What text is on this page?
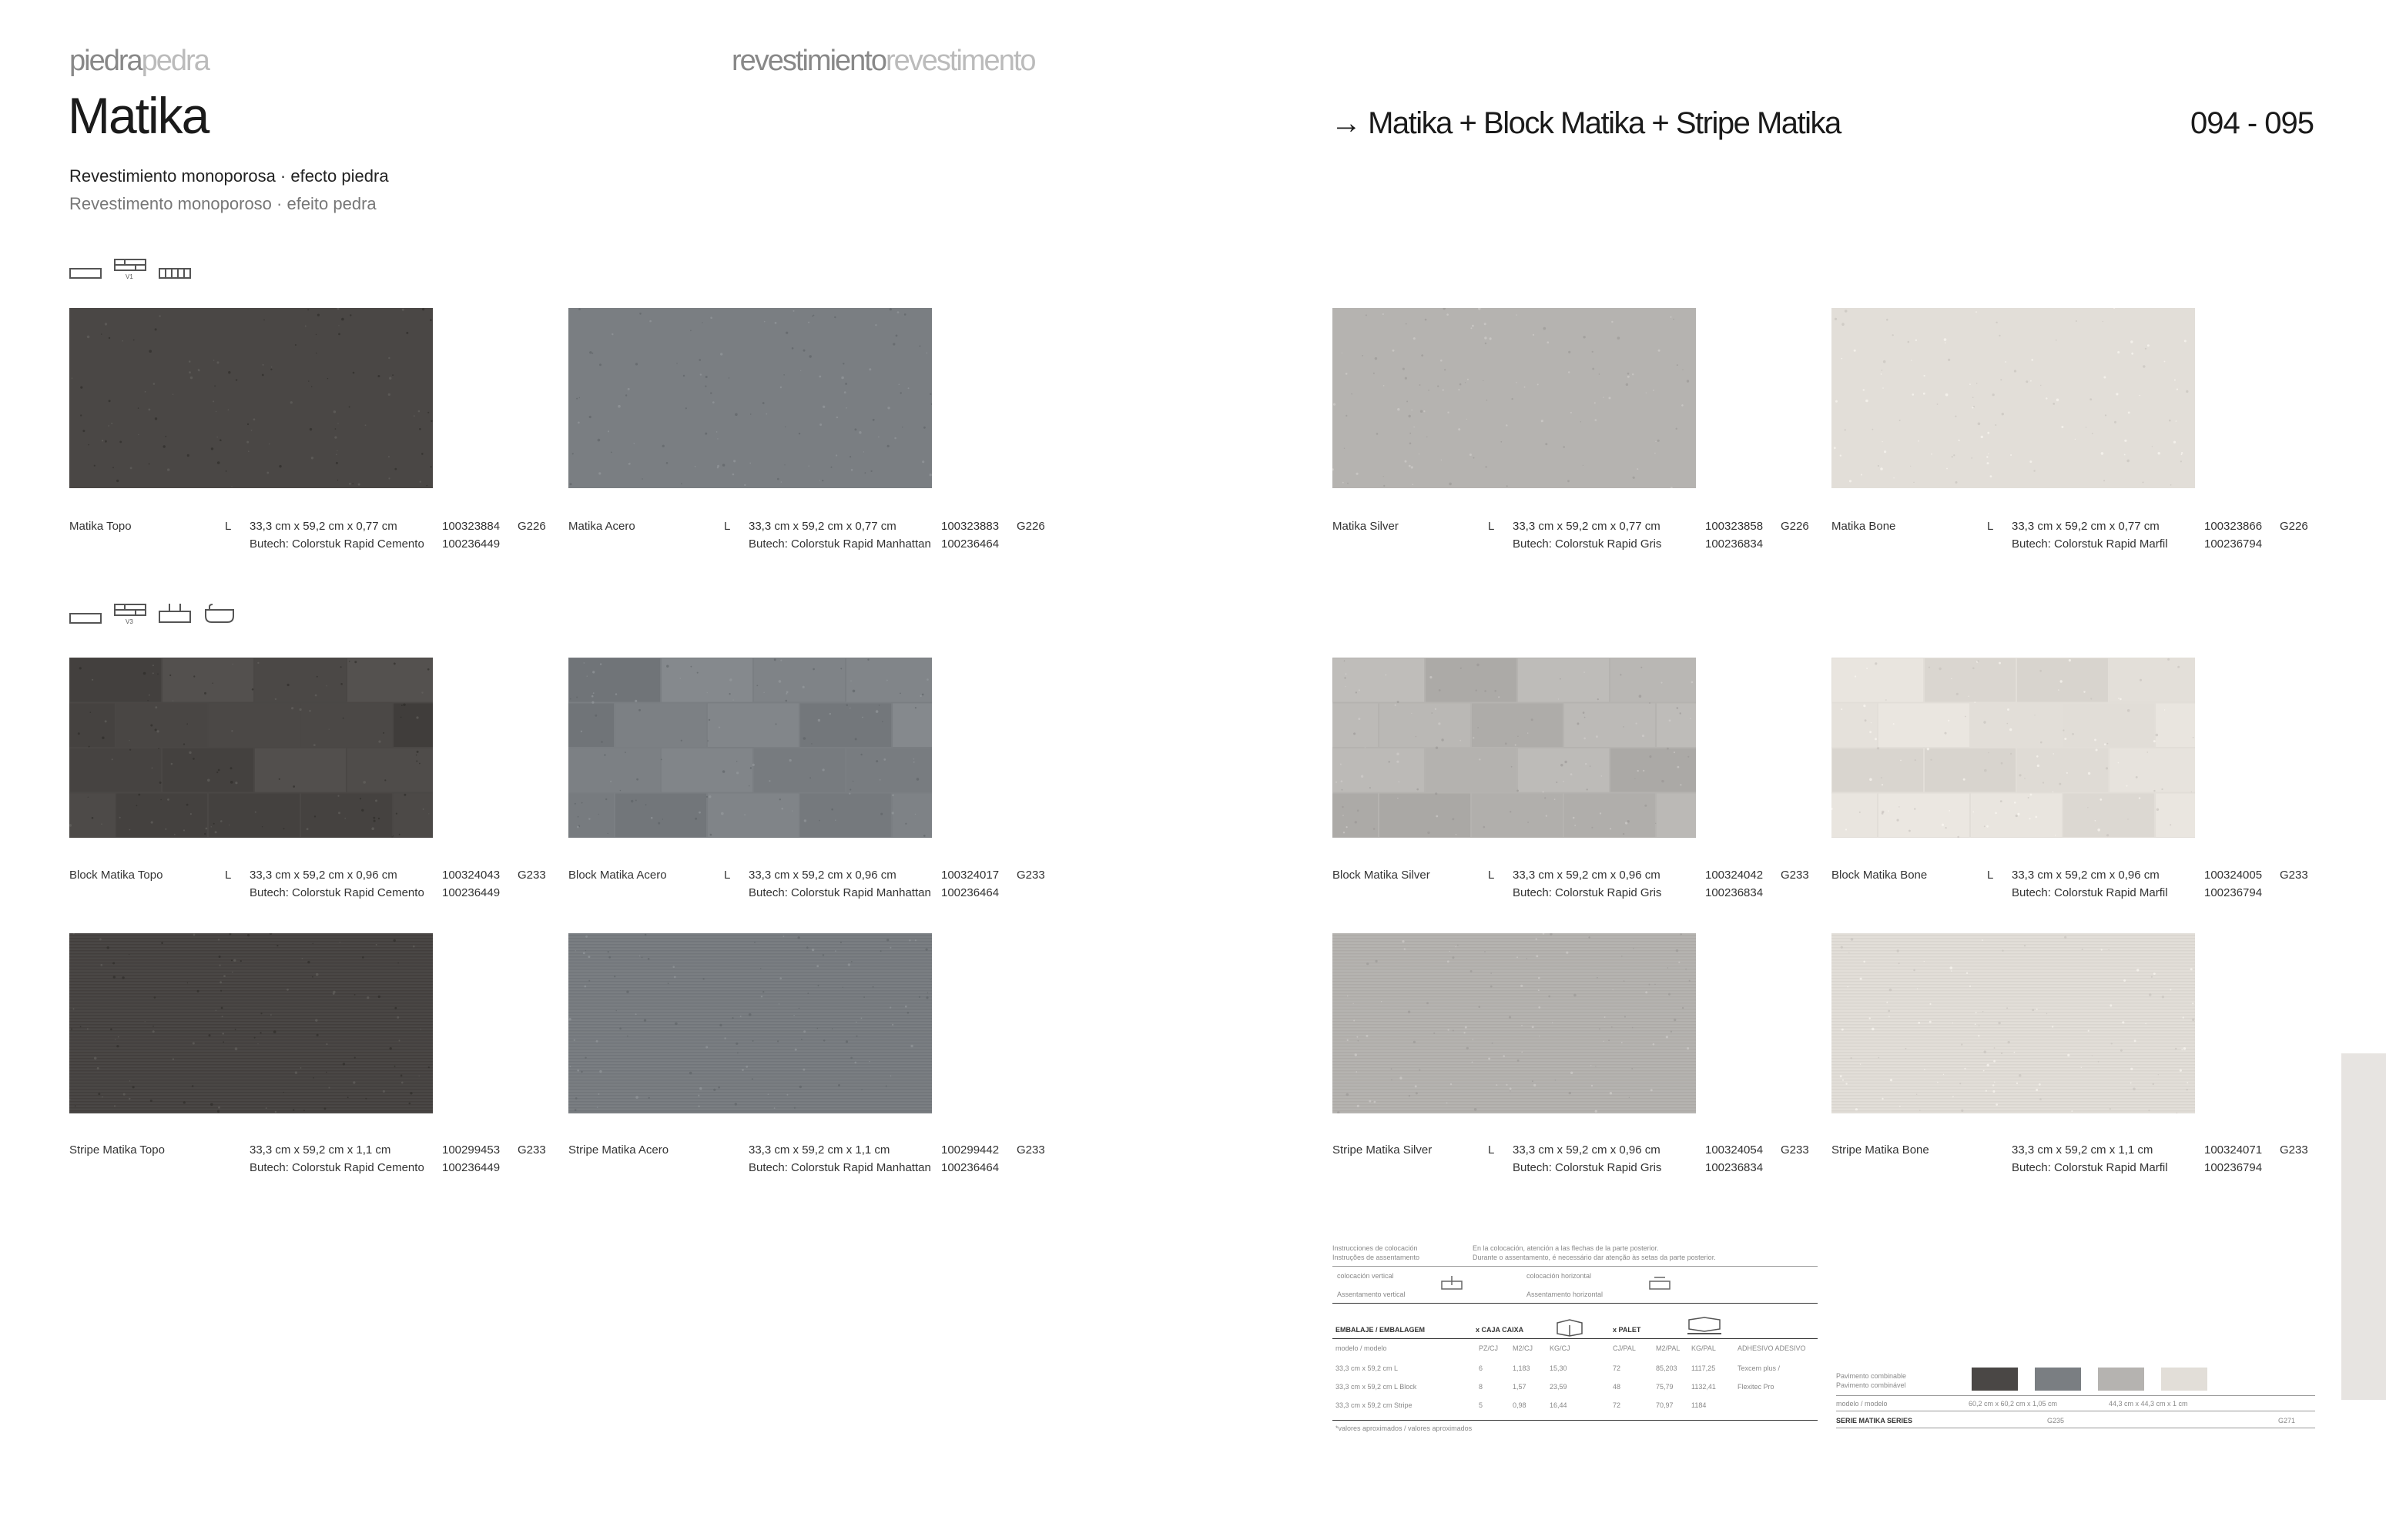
piedrapedra	revestimientorevestimento
Matika
Revestimiento monoporosa · efecto piedra
Revestimento monoporoso · efeito pedra
→ Matika + Block Matika + Stripe Matika	094 - 095
V1
V3
Matika Topo	L 33,3 cm x 59,2 cm x 0,77 cm	100323884 G226
Butech: Colorstuk Rapid Cemento 100236449
Matika Acero	L 33,3 cm x 59,2 cm x 0,77 cm	100323883 G226
Butech: Colorstuk Rapid Manhattan 100236464
Matika Silver	L 33,3 cm x 59,2 cm x 0,77 cm	100323858 G226
Butech: Colorstuk Rapid Gris	100236834
Matika Bone	L 33,3 cm x 59,2 cm x 0,77 cm	100323866 G226
Butech: Colorstuk Rapid Marfil	100236794
Block Matika Topo	L 33,3 cm x 59,2 cm x 0,96 cm	100324043 G233
Butech: Colorstuk Rapid Cemento 100236449
Block Matika Acero	L 33,3 cm x 59,2 cm x 0,96 cm	100324017 G233
Butech: Colorstuk Rapid Manhattan 100236464
Block Matika Silver	L 33,3 cm x 59,2 cm x 0,96 cm	100324042 G233
Butech: Colorstuk Rapid Gris	100236834
Block Matika Bone	L 33,3 cm x 59,2 cm x 0,96 cm	100324005 G233
Butech: Colorstuk Rapid Marfil	100236794
Stripe Matika Topo	33,3 cm x 59,2 cm x 1,1 cm	100299453 G233
Butech: Colorstuk Rapid Cemento 100236449
Stripe Matika Acero	33,3 cm x 59,2 cm x 1,1 cm	100299442 G233
Butech: Colorstuk Rapid Manhattan 100236464
Stripe Matika Silver	L 33,3 cm x 59,2 cm x 0,96 cm	100324054 G233
Butech: Colorstuk Rapid Gris	100236834
Stripe Matika Bone	33,3 cm x 59,2 cm x 1,1 cm	100324071 G233
Butech: Colorstuk Rapid Marfil	100236794
Instrucciones de colocación
Instruções de assentamento
En la colocación, atención a las flechas de la parte posterior.
Durante o assentamento, é necessário dar atenção às setas da parte posterior.
colocación vertical
Assentamento vertical
colocación horizontal
Assentamento horizontal
EMBALAJE / EMBALAGEM	x CAJA CAIXA	x PALET
modelo / modelo	PZ/CJ M2/CJ KG/CJ	CJ/PAL	M2/PAL KG/PAL	ADHESIVO ADESIVO
33,3 cm x 59,2 cm L	6	1,183	15,30	72	85,203 1117,25	Texcem plus /
33,3 cm x 59,2 cm L Block	8	1,57	23,59	48	75,79	1132,41	Flexitec Pro
33,3 cm x 59,2 cm Stripe	5	0,98	16,44	72	70,97	1184
*valores aproximados / valores aproximados
Pavimento combinable
Pavimento combinável
modelo / modelo	60,2 cm x 60,2 cm x 1,05 cm	44,3 cm x 44,3 cm x 1 cm
SERIE MATIKA SERIES	G235	G271
